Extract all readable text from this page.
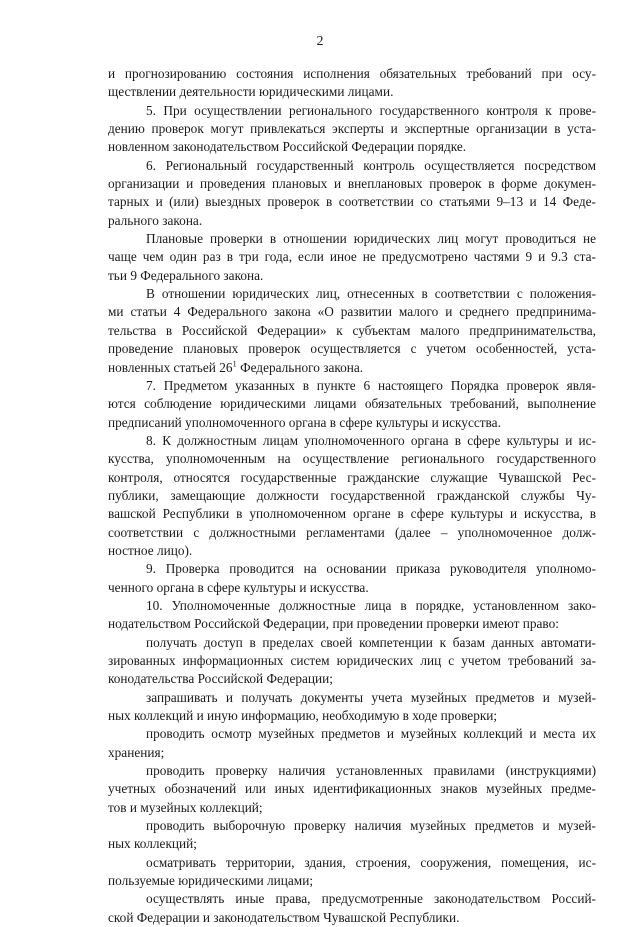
2
и прогнозированию состояния исполнения обязательных требований при осу-
ществлении деятельности юридическими лицами.
5. При осуществлении регионального государственного контроля к прове-
дению проверок могут привлекаться эксперты и экспертные организации в уста-
новленном законодательством Российской Федерации порядке.
6. Региональный государственный контроль осуществляется посредством
организации и проведения плановых и внеплановых проверок в форме докумен-
тарных и (или) выездных проверок в соответствии со статьями 9–13 и 14 Феде-
рального закона.
Плановые проверки в отношении юридических лиц могут проводиться не
чаще чем один раз в три года, если иное не предусмотрено частями 9 и 9.3 ста-
тьи 9 Федерального закона.
В отношении юридических лиц, отнесенных в соответствии с положения-
ми статьи 4 Федерального закона «О развитии малого и среднего предпринима-
тельства в Российской Федерации» к субъектам малого предпринимательства,
проведение плановых проверок осуществляется с учетом особенностей, уста-
новленных статьей $26^1$ Федерального закона.
7. Предметом указанных в пункте 6 настоящего Порядка проверок явля-
ются соблюдение юридическими лицами обязательных требований, выполнение
предписаний уполномоченного органа в сфере культуры и искусства.
8. К должностным лицам уполномоченного органа в сфере культуры и ис-
кусства, уполномоченным на осуществление регионального государственного
контроля, относятся государственные гражданские служащие Чувашской Рес-
публики, замещающие должности государственной гражданской службы Чу-
вашской Республики в уполномоченном органе в сфере культуры и искусства, в
соответствии с должностными регламентами (далее – уполномоченное долж-
ностное лицо).
9. Проверка проводится на основании приказа руководителя уполномо-
ченного органа в сфере культуры и искусства.
10. Уполномоченные должностные лица в порядке, установленном зако-
нодательством Российской Федерации, при проведении проверки имеют право:
получать доступ в пределах своей компетенции к базам данных автомати-
зированных информационных систем юридических лиц с учетом требований за-
конодательства Российской Федерации;
запрашивать и получать документы учета музейных предметов и музей-
ных коллекций и иную информацию, необходимую в ходе проверки;
проводить осмотр музейных предметов и музейных коллекций и места их
хранения;
проводить проверку наличия установленных правилами (инструкциями)
учетных обозначений или иных идентификационных знаков музейных предме-
тов и музейных коллекций;
проводить выборочную проверку наличия музейных предметов и музей-
ных коллекций;
осматривать территории, здания, строения, сооружения, помещения, ис-
пользуемые юридическими лицами;
осуществлять иные права, предусмотренные законодательством Россий-
ской Федерации и законодательством Чувашской Республики.
